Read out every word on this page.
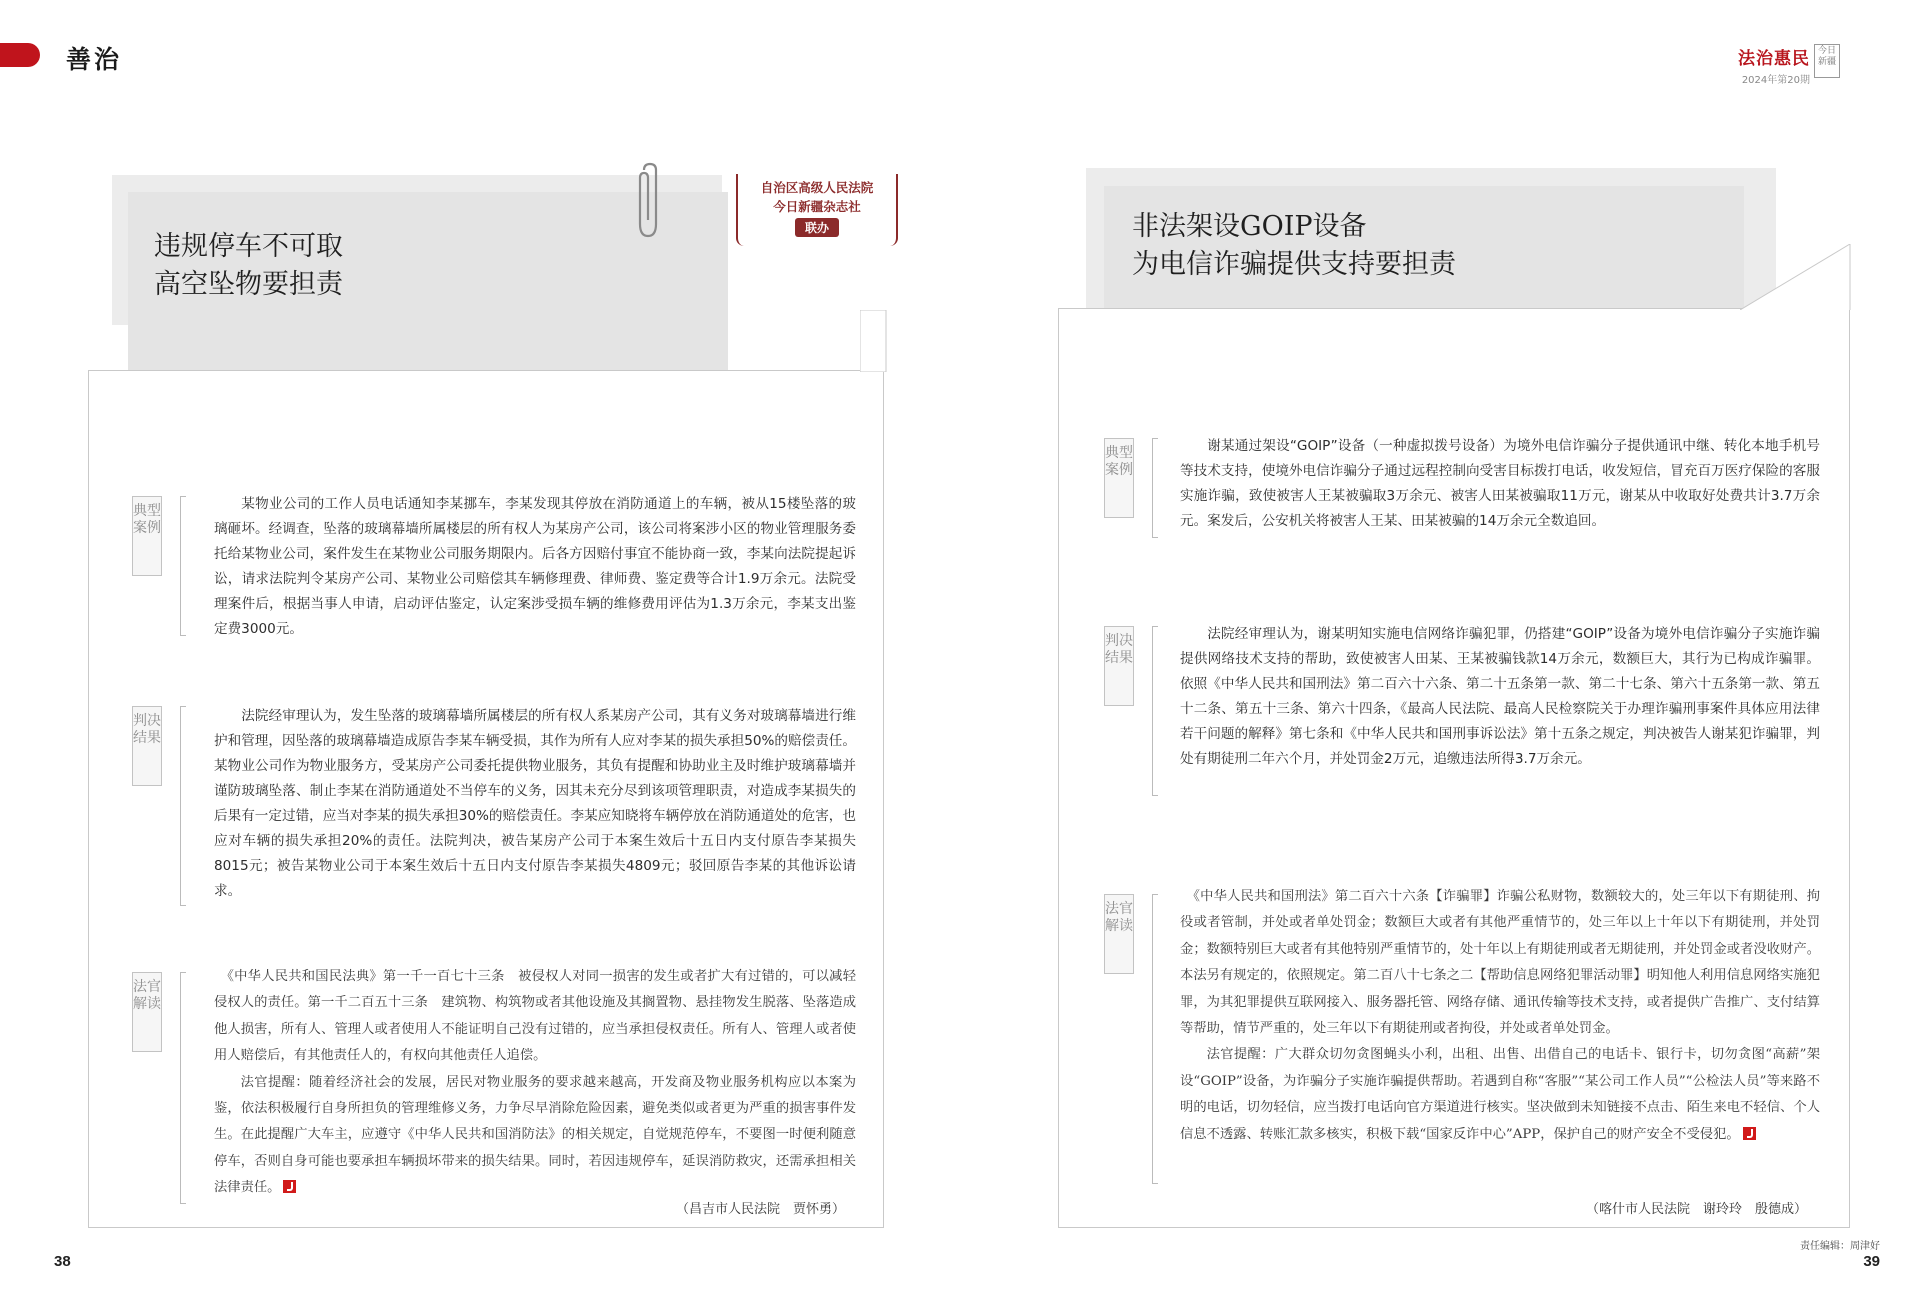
善治	法治惠民
2024年第20期
今日新疆
违规停车不可取
高空坠物要担责
自治区高级人民法院
今日新疆杂志社
联办
典型案例

某物业公司的工作人员电话通知李某挪车，李某发现其停放在消防通道上的车辆，被从15楼坠落的玻璃砸坏。经调查，坠落的玻璃幕墙所属楼层的所有权人为某房产公司，该公司将案涉小区的物业管理服务委托给某物业公司，案件发生在某物业公司服务期限内。后各方因赔付事宜不能协商一致，李某向法院提起诉讼，请求法院判令某房产公司、某物业公司赔偿其车辆修理费、律师费、鉴定费等合计1.9万余元。法院受理案件后，根据当事人申请，启动评估鉴定，认定案涉受损车辆的维修费用评估为1.3万余元，李某支出鉴定费3000元。

判决结果

法院经审理认为，发生坠落的玻璃幕墙所属楼层的所有权人系某房产公司，其有义务对玻璃幕墙进行维护和管理，因坠落的玻璃幕墙造成原告李某车辆受损，其作为所有人应对李某的损失承担50%的赔偿责任。某物业公司作为物业服务方，受某房产公司委托提供物业服务，其负有提醒和协助业主及时维护玻璃幕墙并谨防玻璃坠落、制止李某在消防通道处不当停车的义务，因其未充分尽到该项管理职责，对造成李某损失的后果有一定过错，应当对李某的损失承担30%的赔偿责任。李某应知晓将车辆停放在消防通道处的危害，也应对车辆的损失承担20%的责任。法院判决，被告某房产公司于本案生效后十五日内支付原告李某损失8015元；被告某物业公司于本案生效后十五日内支付原告李某损失4809元；驳回原告李某的其他诉讼请求。

法官解读

《中华人民共和国民法典》第一千一百七十三条　被侵权人对同一损害的发生或者扩大有过错的，可以减轻侵权人的责任。第一千二百五十三条　建筑物、构筑物或者其他设施及其搁置物、悬挂物发生脱落、坠落造成他人损害，所有人、管理人或者使用人不能证明自己没有过错的，应当承担侵权责任。所有人、管理人或者使用人赔偿后，有其他责任人的，有权向其他责任人追偿。

法官提醒：随着经济社会的发展，居民对物业服务的要求越来越高，开发商及物业服务机构应以本案为鉴，依法积极履行自身所担负的管理维修义务，力争尽早消除危险因素，避免类似或者更为严重的损害事件发生。在此提醒广大车主，应遵守《中华人民共和国消防法》的相关规定，自觉规范停车，不要图一时便利随意停车，否则自身可能也要承担车辆损坏带来的损失结果。同时，若因违规停车，延误消防救灾，还需承担相关法律责任。

（昌吉市人民法院　贾怀勇）
非法架设GOIP设备
为电信诈骗提供支持要担责
典型案例

谢某通过架设“GOIP”设备（一种虚拟拨号设备）为境外电信诈骗分子提供通讯中继、转化本地手机号等技术支持，使境外电信诈骗分子通过远程控制向受害目标拨打电话，收发短信，冒充百万医疗保险的客服实施诈骗，致使被害人王某被骗取3万余元、被害人田某被骗取11万元，谢某从中收取好处费共计3.7万余元。案发后，公安机关将被害人王某、田某被骗的14万余元全数追回。

判决结果

法院经审理认为，谢某明知实施电信网络诈骗犯罪，仍搭建“GOIP”设备为境外电信诈骗分子实施诈骗提供网络技术支持的帮助，致使被害人田某、王某被骗钱款14万余元，数额巨大，其行为已构成诈骗罪。依照《中华人民共和国刑法》第二百六十六条、第二十五条第一款、第二十七条、第六十五条第一款、第五十二条、第五十三条、第六十四条，《最高人民法院、最高人民检察院关于办理诈骗刑事案件具体应用法律若干问题的解释》第七条和《中华人民共和国刑事诉讼法》第十五条之规定，判决被告人谢某犯诈骗罪，判处有期徒刑二年六个月，并处罚金2万元，追缴违法所得3.7万余元。

法官解读

《中华人民共和国刑法》第二百六十六条【诈骗罪】诈骗公私财物，数额较大的，处三年以下有期徒刑、拘役或者管制，并处或者单处罚金；数额巨大或者有其他严重情节的，处三年以上十年以下有期徒刑，并处罚金；数额特别巨大或者有其他特别严重情节的，处十年以上有期徒刑或者无期徒刑，并处罚金或者没收财产。本法另有规定的，依照规定。第二百八十七条之二【帮助信息网络犯罪活动罪】明知他人利用信息网络实施犯罪，为其犯罪提供互联网接入、服务器托管、网络存储、通讯传输等技术支持，或者提供广告推广、支付结算等帮助，情节严重的，处三年以下有期徒刑或者拘役，并处或者单处罚金。

法官提醒：广大群众切勿贪图蝇头小利，出租、出售、出借自己的电话卡、银行卡，切勿贪图“高薪”架设“GOIP”设备，为诈骗分子实施诈骗提供帮助。若遇到自称“客服”“某公司工作人员”“公检法人员”等来路不明的电话，切勿轻信，应当拨打电话向官方渠道进行核实。坚决做到未知链接不点击、陌生来电不轻信、个人信息不透露、转账汇款多核实，积极下载“国家反诈中心”APP，保护自己的财产安全不受侵犯。

（喀什市人民法院　谢玲玲　殷德成）
38	39
责任编辑：周津好
